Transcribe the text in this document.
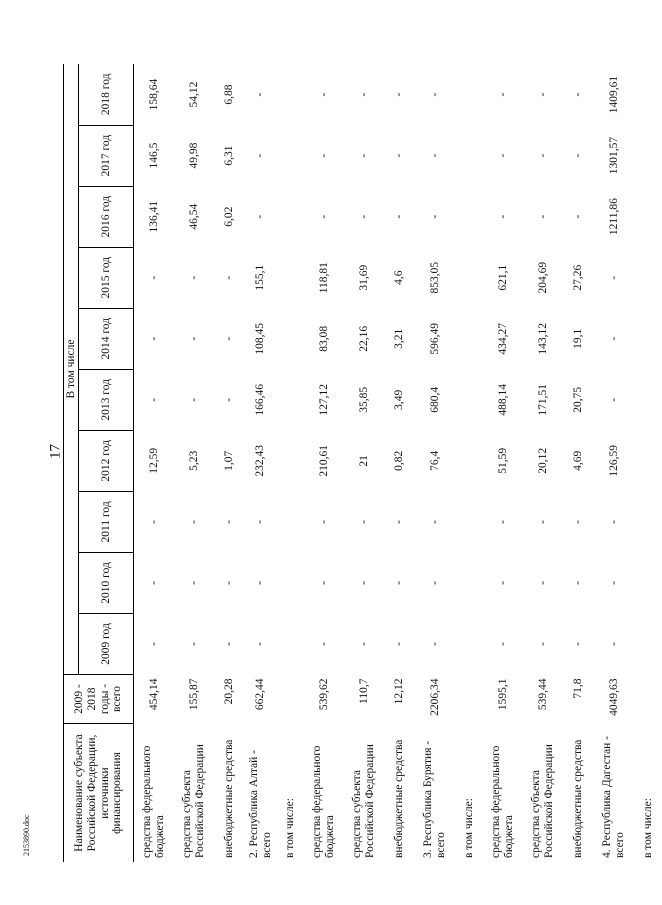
17
Наименование субъекта Российской Федерации, источники финансирования	2009 - 2018 годы - всего	В том числе									
		2009 год	2010 год	2011 год	2012 год	2013 год	2014 год	2015 год	2016 год	2017 год	2018 год
средства федерального бюджета	454,14	-	-	-	12,59	-	-	-	136,41	146,5	158,64
средства субъекта Российской Федерации	155,87	-	-	-	5,23	-	-	-	46,54	49,98	54,12
внебюджетные средства	20,28	-	-	-	1,07	-	-	-	6,02	6,31	6,88
2. Республика Алтай - всего	662,44	-	-	-	232,43	166,46	108,45	155,1	-	-	-
в том числе:											
средства федерального бюджета	539,62	-	-	-	210,61	127,12	83,08	118,81	-	-	-
средства субъекта Российской Федерации	110,7	-	-	-	21	35,85	22,16	31,69	-	-	-
внебюджетные средства	12,12	-	-	-	0,82	3,49	3,21	4,6	-	-	-
3. Республика Бурятия - всего	2206,34	-	-	-	76,4	680,4	596,49	853,05	-	-	-
в том числе:											
средства федерального бюджета	1595,1	-	-	-	51,59	488,14	434,27	621,1	-	-	-
средства субъекта Российской Федерации	539,44	-	-	-	20,12	171,51	143,12	204,69	-	-	-
внебюджетные средства	71,8	-	-	-	4,69	20,75	19,1	27,26	-	-	-
4. Республика Дагестан - всего	4049,63	-	-	-	126,59	-	-	-	1211,86	1301,57	1409,61
в том числе:											
2153890.doc
